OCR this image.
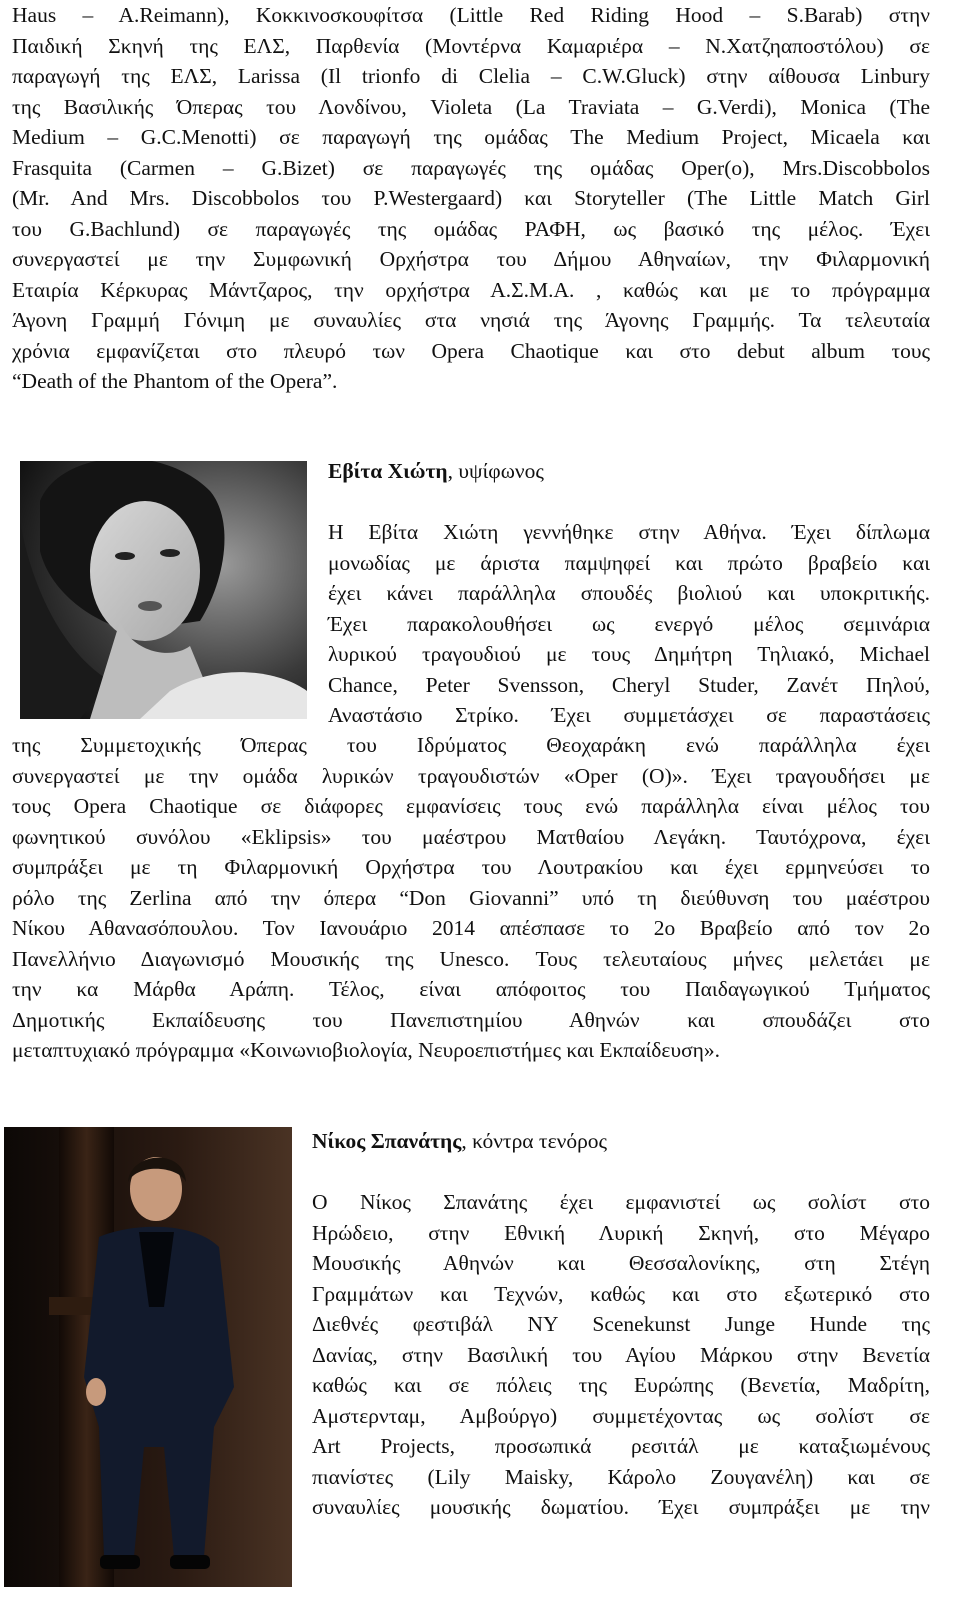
Haus – A.Reimann), Κοκκινοσκουφίτσα (Little Red Riding Hood – S.Barab) στην
Παιδική Σκηνή της ΕΛΣ, Παρθενία (Μοντέρνα Καμαριέρα – Ν.Χατζηαποστόλου) σε
παραγωγή της ΕΛΣ, Larissa (Il trionfo di Clelia – C.W.Gluck) στην αίθουσα Linbury
της Βασιλικής Όπερας του Λονδίνου, Violeta (La Traviata – G.Verdi), Monica (The
Medium – G.C.Menotti) σε παραγωγή της ομάδας The Medium Project, Micaela και
Frasquita (Carmen – G.Bizet) σε παραγωγές της ομάδας Oper(o), Mrs.Discobbolos
(Mr. And Mrs. Discobbolos του P.Westergaard) και Storyteller (The Little Match Girl
του G.Bachlund) σε παραγωγές της ομάδας ΡΑΦΗ, ως βασικό της μέλος. Έχει
συνεργαστεί με την Συμφωνική Ορχήστρα του Δήμου Αθηναίων, την Φιλαρμονική
Εταιρία Κέρκυρας Μάντζαρος, την ορχήστρα Α.Σ.Μ.Α. , καθώς και με το πρόγραμμα
Άγονη Γραμμή Γόνιμη με συναυλίες στα νησιά της Άγονης Γραμμής. Τα τελευταία
χρόνια εμφανίζεται στο πλευρό των Opera Chaotique και στο debut album τους
“Death of the Phantom of the Opera”.
Εβίτα Χιώτη, υψίφωνος
Η Εβίτα Χιώτη γεννήθηκε στην Αθήνα. Έχει δίπλωμα
μονωδίας με άριστα παμψηφεί και πρώτο βραβείο και
έχει κάνει παράλληλα σπουδές βιολιού και υποκριτικής.
Έχει παρακολουθήσει ως ενεργό μέλος σεμινάρια
λυρικού τραγουδιού με τους Δημήτρη Τηλιακό, Michael
Chance, Peter Svensson, Cheryl Studer, Ζανέτ Πηλού,
Αναστάσιο Στρίκο. Έχει συμμετάσχει σε παραστάσεις
της Συμμετοχικής Όπερας του Ιδρύματος Θεοχαράκη ενώ παράλληλα έχει
συνεργαστεί με την ομάδα λυρικών τραγουδιστών «Oper (O)». Έχει τραγουδήσει με
τους Opera Chaotique σε διάφορες εμφανίσεις τους ενώ παράλληλα είναι μέλος του
φωνητικού συνόλου «Eklipsis» του μαέστρου Ματθαίου Λεγάκη. Ταυτόχρονα, έχει
συμπράξει με τη Φιλαρμονική Ορχήστρα του Λουτρακίου και έχει ερμηνεύσει το
ρόλο της Zerlina από την όπερα “Don Giovanni” υπό τη διεύθυνση του μαέστρου
Νίκου Αθανασόπουλου. Τον Ιανουάριο 2014 απέσπασε το 2ο Βραβείο από τον 2ο
Πανελλήνιο Διαγωνισμό Μουσικής της Unesco. Τους τελευταίους μήνες μελετάει με
την κα Μάρθα Αράπη. Τέλος, είναι απόφοιτος του Παιδαγωγικού Τμήματος
Δημοτικής Εκπαίδευσης του Πανεπιστημίου Αθηνών και σπουδάζει στο
μεταπτυχιακό πρόγραμμα «Κοινωνιοβιολογία, Νευροεπιστήμες και Εκπαίδευση».
Νίκος Σπανάτης, κόντρα τενόρος
Ο Νίκος Σπανάτης έχει εμφανιστεί ως σολίστ στο
Ηρώδειο, στην Εθνική Λυρική Σκηνή, στο Μέγαρο
Μουσικής Αθηνών και Θεσσαλονίκης, στη Στέγη
Γραμμάτων και Τεχνών, καθώς και στο εξωτερικό στο
Διεθνές φεστιβάλ NY Scenekunst Junge Hunde της
Δανίας, στην Βασιλική του Αγίου Μάρκου στην Βενετία
καθώς και σε πόλεις της Ευρώπης (Βενετία, Μαδρίτη,
Αμστερνταμ, Αμβούργο) συμμετέχοντας ως σολίστ σε
Art Projects, προσωπικά ρεσιτάλ με καταξιωμένους
πιανίστες (Lily Maisky, Κάρολο Ζουγανέλη) και σε
συναυλίες μουσικής δωματίου. Έχει συμπράξει με την
